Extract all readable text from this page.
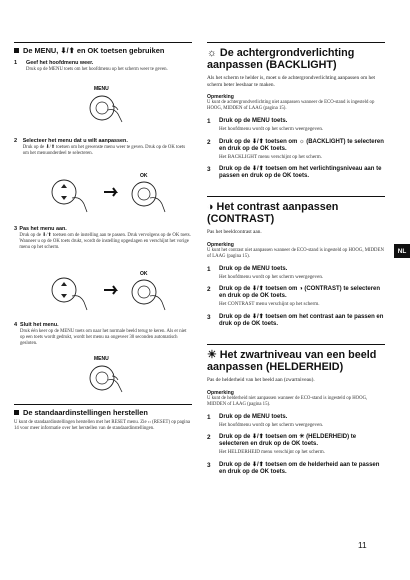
De MENU, ⬇/⬆ en OK toetsen gebruiken
1	Geef het hoofdmenu weer.
Druk op de MENU toets om het hoofdmenu op het scherm weer te geven.
MENU
2	Selecteer het menu dat u wilt aanpassen.
Druk op de ⬇/⬆ toetsen om het gewenste menu weer te geven. Druk op de OK toets om het menuonderdeel te selecteren.
OK
3 Pas het menu aan.
Druk op de ⬇/⬆ toetsen om de instelling aan te passen. Druk vervolgens op de OK toets. Wanneer u op de OK toets drukt, wordt de instelling opgeslagen en verschijnt het vorige menu op het scherm.
OK
4 Sluit het menu.
Druk één keer op de MENU toets om naar het normale beeld terug te keren. Als er niet op een toets wordt gedrukt, wordt het menu na ongeveer 30 seconden automatisch gesloten.
MENU
De standaardinstellingen herstellen
U kunt de standaardinstellingen herstellen met het RESET menu. Zie ›› (RESET) op pagina 14 voor meer informatie over het herstellen van de standaardinstellingen.
☼ De achtergrondverlichting aanpassen (BACKLIGHT)
Als het scherm te helder is, moet u de achtergrondverlichting aanpassen om het scherm beter leesbaar te maken.
Opmerking
U kunt de achtergrondverlichting niet aanpassen wanneer de ECO-stand is ingesteld op HOOG, MIDDEN of LAAG (pagina 15).
1	Druk op de MENU toets.
Het hoofdmenu wordt op het scherm weergegeven.
2	Druk op de ⬇/⬆ toetsen om ☼ (BACKLIGHT) te selecteren en druk op de OK toets.
Het BACKLIGHT menu verschijnt op het scherm.
3	Druk op de ⬇/⬆ toetsen om het verlichtingsniveau aan te passen en druk op de OK toets.
◑ Het contrast aanpassen (CONTRAST)
Pas het beeldcontrast aan.
Opmerking
U kunt het contrast niet aanpassen wanneer de ECO-stand is ingesteld op HOOG, MIDDEN of LAAG (pagina 15).
1	Druk op de MENU toets.
Het hoofdmenu wordt op het scherm weergegeven.
2	Druk op de ⬇/⬆ toetsen om ◑ (CONTRAST) te selecteren en druk op de OK toets.
Het CONTRAST menu verschijnt op het scherm.
3	Druk op de ⬇/⬆ toetsen om het contrast aan te passen en druk op de OK toets.
☀ Het zwartniveau van een beeld aanpassen (HELDERHEID)
Pas de helderheid van het beeld aan (zwartniveau).
Opmerking
U kunt de helderheid niet aanpassen wanneer de ECO-stand is ingesteld op HOOG, MIDDEN of LAAG (pagina 15).
1	Druk op de MENU toets.
Het hoofdmenu wordt op het scherm weergegeven.
2	Druk op de ⬇/⬆ toetsen om ☀ (HELDERHEID) te selecteren en druk op de OK toets.
Het HELDERHEID menu verschijnt op het scherm.
3	Druk op de ⬇/⬆ toetsen om de helderheid aan te passen en druk op de OK toets.
NL
11
